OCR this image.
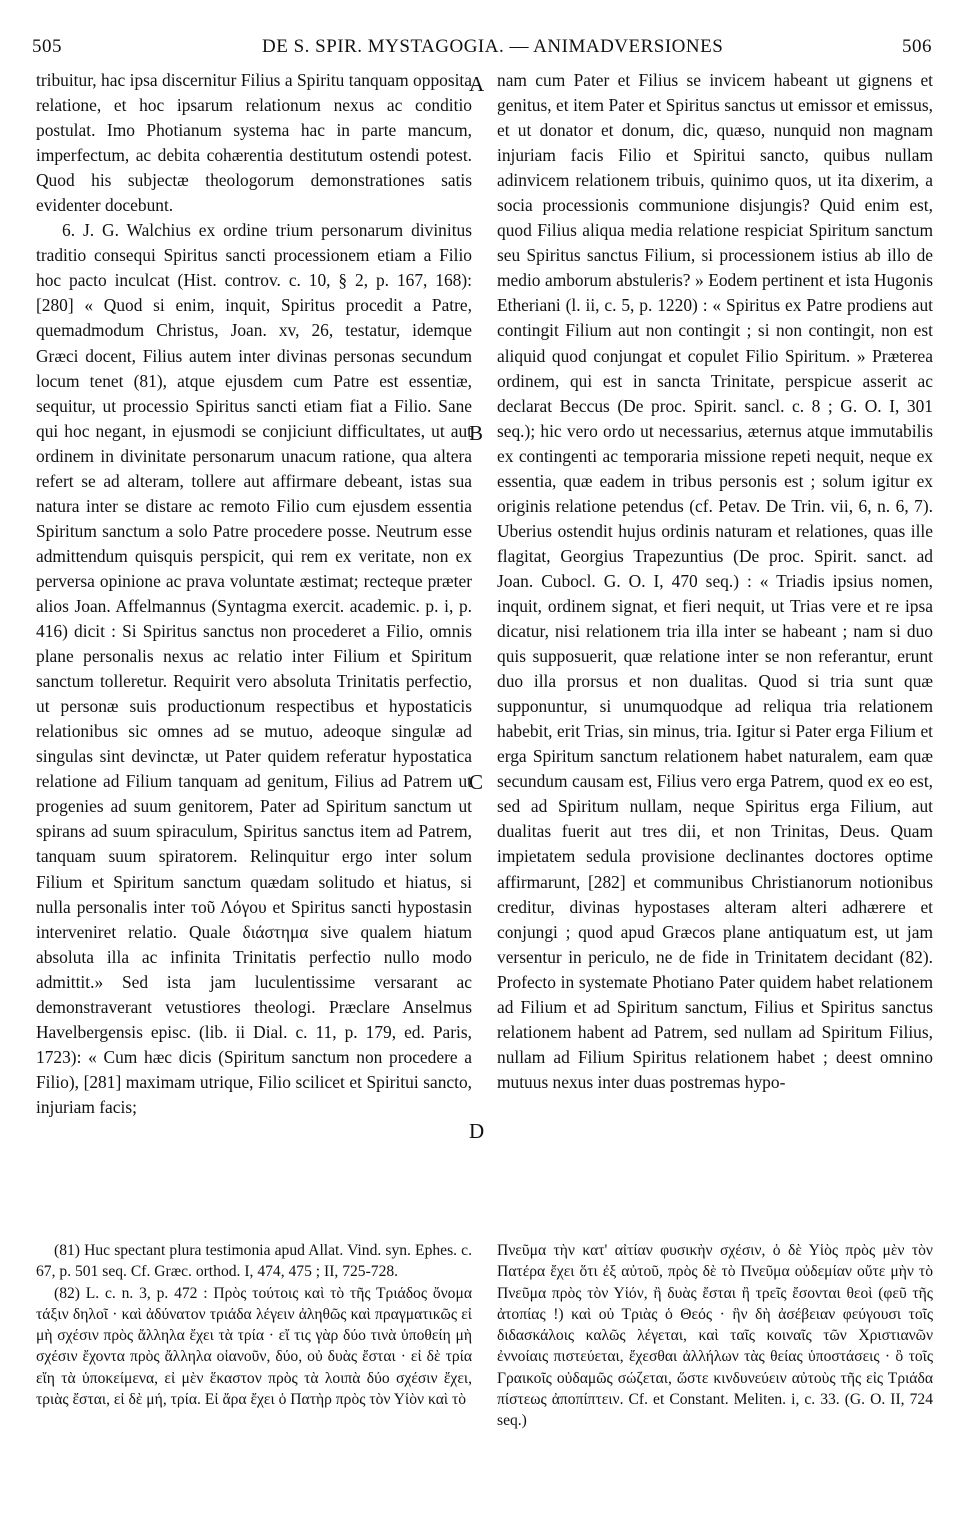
505	DE S. SPIR. MYSTAGOGIA. — ANIMADVERSIONES	506

tribuitur, hac ipsa discernitur Filius a Spiritu tanquam opposita relatione, et hoc ipsarum relationum nexus ac conditio postulat. Imo Photianum systema hac in parte mancum, imperfectum, ac debita cohærentia destitutum ostendi potest. Quod his subjectæ theologorum demonstrationes satis evidenter docebunt.

6. J. G. Walchius ex ordine trium personarum divinitus traditio consequi Spiritus sancti processionem etiam a Filio hoc pacto inculcat (Hist. controv. c. 10, § 2, p. 167, 168): [280] « Quod si enim, inquit, Spiritus procedit a Patre, quemadmodum Christus, Joan. xv, 26, testatur, idemque Græci docent, Filius autem inter divinas personas secundum locum tenet (81), atque ejusdem cum Patre est essentiæ, sequitur, ut processio Spiritus sancti etiam fiat a Filio. Sane qui hoc negant, in ejusmodi se conjiciunt difficultates, ut aut ordinem in divinitate personarum unacum ratione, qua altera refert se ad alteram, tollere aut affirmare debeant, istas sua natura inter se distare ac remoto Filio cum ejusdem essentia Spiritum sanctum a solo Patre procedere posse. Neutrum esse admittendum quisquis perspicit, qui rem ex veritate, non ex perversa opinione ac prava voluntate æstimat; recteque præter alios Joan. Affelmannus (Syntagma exercit. academic. p. i, p. 416) dicit : Si Spiritus sanctus non procederet a Filio, omnis plane personalis nexus ac relatio inter Filium et Spiritum sanctum tolleretur. Requirit vero absoluta Trinitatis perfectio, ut personæ suis productionum respectibus et hypostaticis relationibus sic omnes ad se mutuo, adeoque singulæ ad singulas sint devinctæ, ut Pater quidem referatur hypostatica relatione ad Filium tanquam ad genitum, Filius ad Patrem ut progenies ad suum genitorem, Pater ad Spiritum sanctum ut spirans ad suum spiraculum, Spiritus sanctus item ad Patrem, tanquam suum spiratorem. Relinquitur ergo inter solum Filium et Spiritum sanctum quædam solitudo et hiatus, si nulla personalis inter τοῦ Λόγου et Spiritus sancti hypostasin interveniret relatio. Quale διάστημα sive qualem hiatum absoluta illa ac infinita Trinitatis perfectio nullo modo admittit.» Sed ista jam luculentissime versarant ac demonstraverant vetustiores theologi. Præclare Anselmus Havelbergensis episc. (lib. ii Dial. c. 11, p. 179, ed. Paris, 1723): « Cum hæc dicis (Spiritum sanctum non procedere a Filio), [281] maximam utrique, Filio scilicet et Spiritui sancto, injuriam facis;

nam cum Pater et Filius se invicem habeant ut gignens et genitus, et item Pater et Spiritus sanctus ut emissor et emissus, et ut donator et donum, dic, quæso, nunquid non magnam injuriam facis Filio et Spiritui sancto, quibus nullam adinvicem relationem tribuis, quinimo quos, ut ita dixerim, a socia processionis communione disjungis? Quid enim est, quod Filius aliqua media relatione respiciat Spiritum sanctum seu Spiritus sanctus Filium, si processionem istius ab illo de medio amborum abstuleris? » Eodem pertinent et ista Hugonis Etheriani (l. ii, c. 5, p. 1220) : « Spiritus ex Patre prodiens aut contingit Filium aut non contingit ; si non contingit, non est aliquid quod conjungat et copulet Filio Spiritum. » Præterea ordinem, qui est in sancta Trinitate, perspicue asserit ac declarat Beccus (De proc. Spirit. sancl. c. 8 ; G. O. I, 301 seq.); hic vero ordo ut necessarius, æternus atque immutabilis ex contingenti ac temporaria missione repeti nequit, neque ex essentia, quæ eadem in tribus personis est ; solum igitur ex originis relatione petendus (cf. Petav. De Trin. vii, 6, n. 6, 7). Uberius ostendit hujus ordinis naturam et relationes, quas ille flagitat, Georgius Trapezuntius (De proc. Spirit. sanct. ad Joan. Cubocl. G. O. I, 470 seq.) : « Triadis ipsius nomen, inquit, ordinem signat, et fieri nequit, ut Trias vere et re ipsa dicatur, nisi relationem tria illa inter se habeant ; nam si duo quis supposuerit, quæ relatione inter se non referantur, erunt duo illa prorsus et non dualitas. Quod si tria sunt quæ supponuntur, si unumquodque ad reliqua tria relationem habebit, erit Trias, sin minus, tria. Igitur si Pater erga Filium et erga Spiritum sanctum relationem habet naturalem, eam quæ secundum causam est, Filius vero erga Patrem, quod ex eo est, sed ad Spiritum nullam, neque Spiritus erga Filium, aut dualitas fuerit aut tres dii, et non Trinitas, Deus. Quam impietatem sedula provisione declinantes doctores optime affirmarunt, [282] et communibus Christianorum notionibus creditur, divinas hypostases alteram alteri adhærere et conjungi ; quod apud Græcos plane antiquatum est, ut jam versentur in periculo, ne de fide in Trinitatem decidant (82). Profecto in systemate Photiano Pater quidem habet relationem ad Filium et ad Spiritum sanctum, Filius et Spiritus sanctus relationem habent ad Patrem, sed nullam ad Spiritum Filius, nullam ad Filium Spiritus relationem habet ; deest omnino mutuus nexus inter duas postremas hypo-

A
B
C
D

(81) Huc spectant plura testimonia apud Allat. Vind. syn. Ephes. c. 67, p. 501 seq. Cf. Græc. orthod. I, 474, 475 ; II, 725-728.

(82) L. c. n. 3, p. 472 : Πρὸς τούτοις καὶ τὸ τῆς Τριάδος ὄνομα τάξιν δηλοῖ · καὶ ἀδύνατον τριάδα λέγειν ἀληθῶς καὶ πραγματικῶς εἰ μὴ σχέσιν πρὸς ἄλληλα ἔχει τὰ τρία · εἴ τις γὰρ δύο τινὰ ὑποθείη μὴ σχέσιν ἔχοντα πρὸς ἄλληλα οἱανοῦν, δύο, οὐ δυὰς ἔσται · εἰ δὲ τρία εἴη τὰ ὑποκείμενα, εἰ μὲν ἕκαστον πρὸς τὰ λοιπὰ δύο σχέσιν ἔχει, τριὰς ἔσται, εἰ δὲ μή, τρία. Εἰ ἄρα ἔχει ὁ Πατὴρ πρὸς τὸν Υἱὸν καὶ τὸ

Πνεῦμα τὴν κατ' αἰτίαν φυσικὴν σχέσιν, ὁ δὲ Υἱὸς πρὸς μὲν τὸν Πατέρα ἔχει ὅτι ἐξ αὐτοῦ, πρὸς δὲ τὸ Πνεῦμα οὐδεμίαν οὔτε μὴν τὸ Πνεῦμα πρὸς τὸν Υἱόν, ἢ δυὰς ἔσται ἢ τρεῖς ἔσονται θεοὶ (φεῦ τῆς ἀτοπίας !) καὶ οὐ Τριὰς ὁ Θεός · ἣν δὴ ἀσέβειαν φεύγουσι τοῖς διδασκάλοις καλῶς λέγεται, καὶ ταῖς κοιναῖς τῶν Χριστιανῶν ἐννοίαις πιστεύεται, ἔχεσθαι ἀλλήλων τὰς θείας ὑποστάσεις · ὃ τοῖς Γραικοῖς οὐδαμῶς σώζεται, ὥστε κινδυνεύειν αὐτοὺς τῆς εἰς Τριάδα πίστεως ἀποπίπτειν. Cf. et Constant. Meliten. i, c. 33. (G. O. II, 724 seq.)
